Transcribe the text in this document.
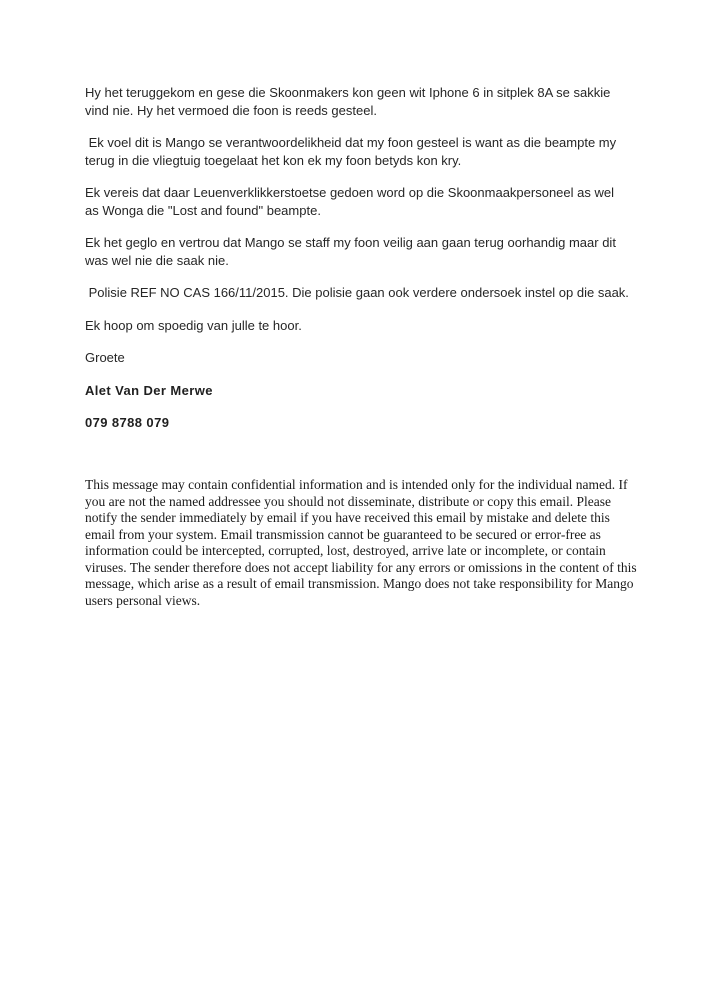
Hy het teruggekom en gese die Skoonmakers kon geen wit Iphone 6 in sitplek 8A se sakkie vind nie. Hy het vermoed die foon is reeds gesteel.

Ek voel dit is Mango se verantwoordelikheid dat my foon gesteel is want as die beampte my terug in die vliegtuig toegelaat het kon ek my foon betyds kon kry.

Ek vereis dat daar Leuenverklikkerstoetse gedoen word op die Skoonmaakpersoneel as wel as Wonga die "Lost and found" beampte.

Ek het geglo en vertrou dat Mango se staff my foon veilig aan gaan terug oorhandig maar dit was wel nie die saak nie.

Polisie REF NO CAS 166/11/2015. Die polisie gaan ook verdere ondersoek instel op die saak.

Ek hoop om spoedig van julle te hoor.

Groete

Alet Van Der Merwe

079 8788 079

This message may contain confidential information and is intended only for the individual named. If you are not the named addressee you should not disseminate, distribute or copy this email. Please notify the sender immediately by email if you have received this email by mistake and delete this email from your system. Email transmission cannot be guaranteed to be secured or error-free as information could be intercepted, corrupted, lost, destroyed, arrive late or incomplete, or contain viruses. The sender therefore does not accept liability for any errors or omissions in the content of this message, which arise as a result of email transmission. Mango does not take responsibility for Mango users personal views.
